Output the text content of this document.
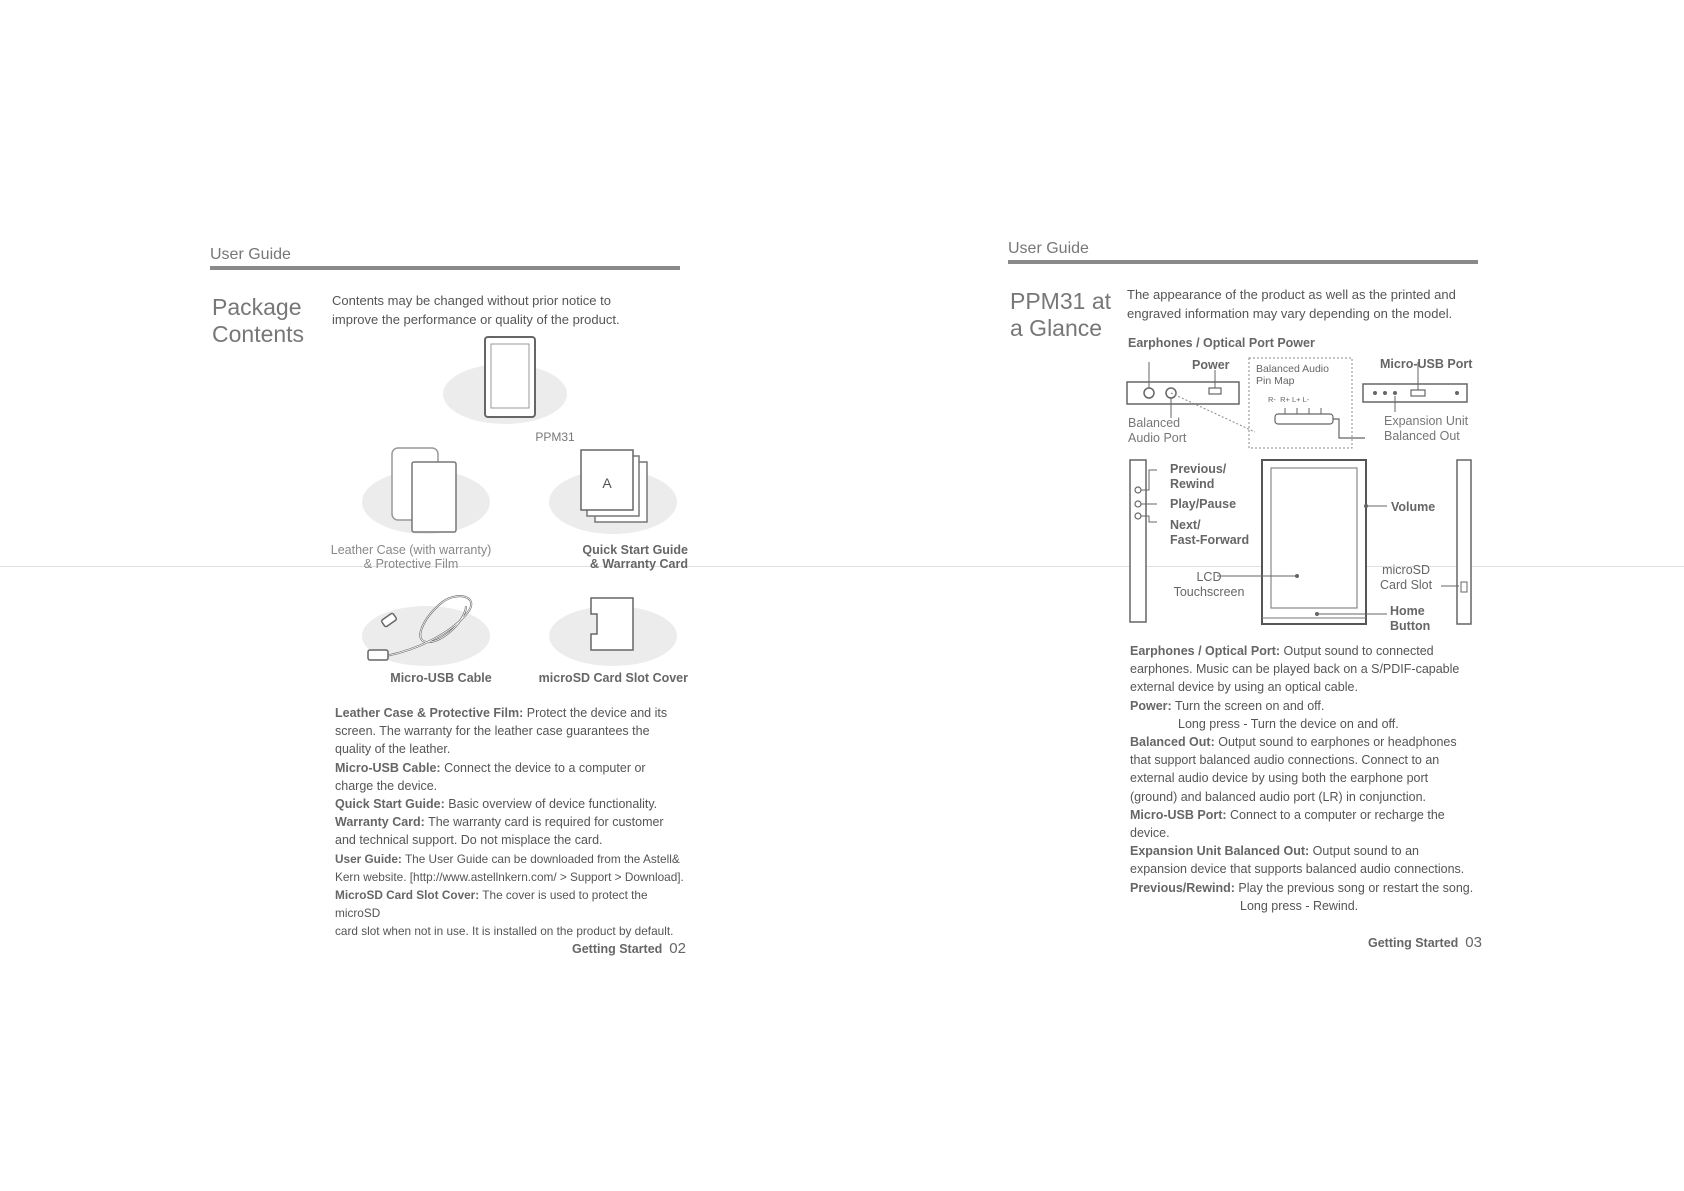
User Guide
Package
Contents
Contents may be changed without prior notice to
improve the performance or quality of the product.
PPM31
Leather Case (with warranty)
& Protective Film
A
Quick Start Guide
& Warranty Card
Micro-USB Cable	microSD Card Slot Cover

Leather Case & Protective Film: Protect the device and its
screen. The warranty for the leather case guarantees the
quality of the leather.

Micro-USB Cable: Connect the device to a computer or
charge the device.

Quick Start Guide: Basic overview of device functionality.

Warranty Card: The warranty card is required for customer
and technical support. Do not misplace the card.

User Guide: The User Guide can be downloaded from the Astell&
Kern website. [http://www.astellnkern.com/ > Support > Download].

MicroSD Card Slot Cover: The cover is used to protect the microSD
card slot when not in use. It is installed on the product by default.

Getting Started 02
User Guide
PPM31 at
a Glance
The appearance of the product as well as the printed and
engraved information may vary depending on the model.
Earphones / Optical Port Power
Power	Balanced Audio
Pin Map
R-  R+ L+ L-
Balanced
Audio Port
Micro-USB Port
Expansion Unit
Balanced Out
Previous/
Rewind
Play/Pause
Next/
Fast-Forward
LCD
Touchscreen
Volume
microSD
Card Slot
Home
Button

Earphones / Optical Port: Output sound to connected
earphones. Music can be played back on a S/PDIF-capable
external device by using an optical cable.

Power: Turn the screen on and off.
Long press - Turn the device on and off.

Balanced Out: Output sound to earphones or headphones
that support balanced audio connections. Connect to an
external audio device by using both the earphone port
(ground) and balanced audio port (LR) in conjunction.

Micro-USB Port: Connect to a computer or recharge the
device.

Expansion Unit Balanced Out: Output sound to an
expansion device that supports balanced audio connections.

Previous/Rewind: Play the previous song or restart the song.
Long press - Rewind.

Getting Started 03
